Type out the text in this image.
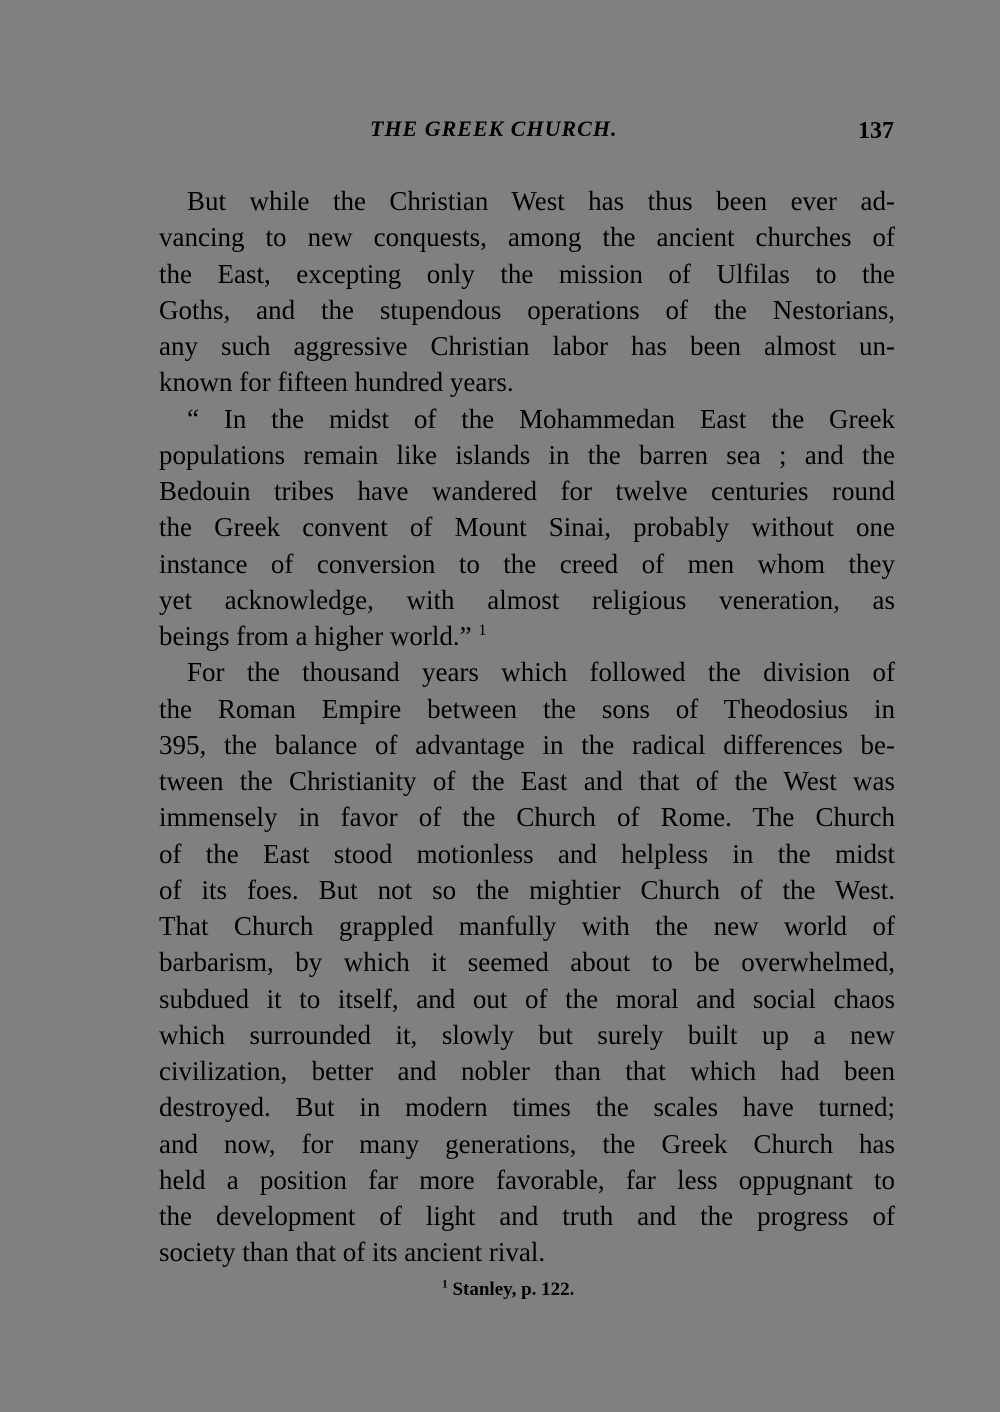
THE GREEK CHURCH.	137
But while the Christian West has thus been ever ad-
vancing to new conquests, among the ancient churches of
the East, excepting only the mission of Ulfilas to the
Goths, and the stupendous operations of the Nestorians,
any such aggressive Christian labor has been almost un-
known for fifteen hundred years.
“ In the midst of the Mohammedan East the Greek
populations remain like islands in the barren sea ; and the
Bedouin tribes have wandered for twelve centuries round
the Greek convent of Mount Sinai, probably without one
instance of conversion to the creed of men whom they
yet acknowledge, with almost religious veneration, as
beings from a higher world.” $^1$
For the thousand years which followed the division of
the Roman Empire between the sons of Theodosius in
395, the balance of advantage in the radical differences be-
tween the Christianity of the East and that of the West was
immensely in favor of the Church of Rome. The Church
of the East stood motionless and helpless in the midst
of its foes. But not so the mightier Church of the West.
That Church grappled manfully with the new world of
barbarism, by which it seemed about to be overwhelmed,
subdued it to itself, and out of the moral and social chaos
which surrounded it, slowly but surely built up a new
civilization, better and nobler than that which had been
destroyed. But in modern times the scales have turned;
and now, for many generations, the Greek Church has
held a position far more favorable, far less oppugnant to
the development of light and truth and the progress of
society than that of its ancient rival.
$^1$ Stanley, p. 122.
